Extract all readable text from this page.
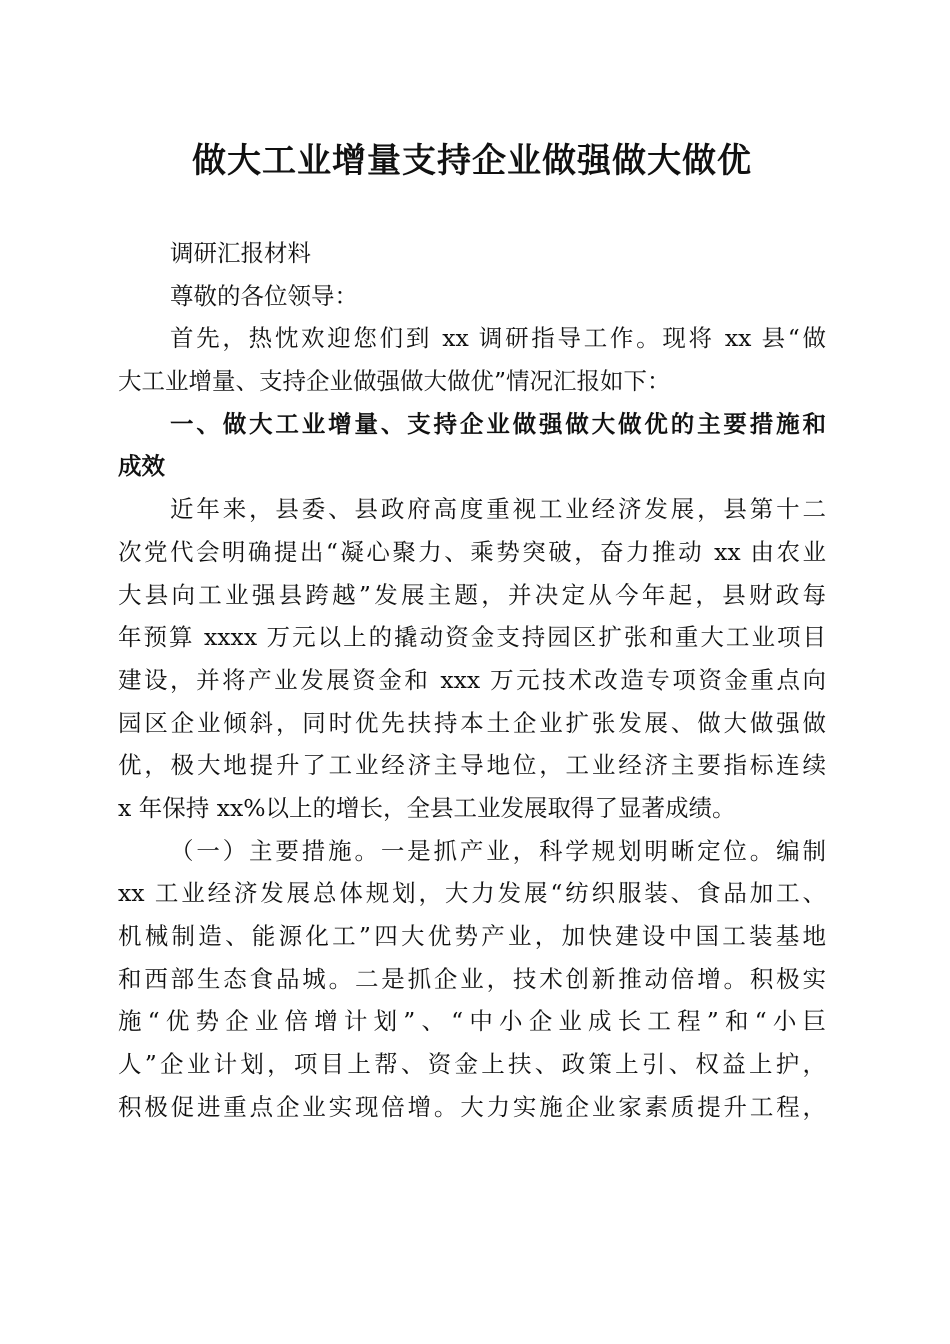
做大工业增量支持企业做强做大做优
调研汇报材料
尊敬的各位领导：
首先，热忱欢迎您们到 xx 调研指导工作。现将 xx 县“做
大工业增量、支持企业做强做大做优”情况汇报如下：
一、做大工业增量、支持企业做强做大做优的主要措施和
成效
近年来，县委、县政府高度重视工业经济发展，县第十二
次党代会明确提出“凝心聚力、乘势突破，奋力推动 xx 由农业
大县向工业强县跨越”发展主题，并决定从今年起，县财政每
年预算 xxxx 万元以上的撬动资金支持园区扩张和重大工业项目
建设，并将产业发展资金和 xxx 万元技术改造专项资金重点向
园区企业倾斜，同时优先扶持本土企业扩张发展、做大做强做
优，极大地提升了工业经济主导地位，工业经济主要指标连续
x 年保持 xx%以上的增长，全县工业发展取得了显著成绩。
（一）主要措施。一是抓产业，科学规划明晰定位。编制
xx 工业经济发展总体规划，大力发展“纺织服装、食品加工、
机械制造、能源化工”四大优势产业，加快建设中国工装基地
和西部生态食品城。二是抓企业，技术创新推动倍增。积极实
施“优势企业倍增计划”、“中小企业成长工程”和“小巨
人”企业计划，项目上帮、资金上扶、政策上引、权益上护，
积极促进重点企业实现倍增。大力实施企业家素质提升工程，
